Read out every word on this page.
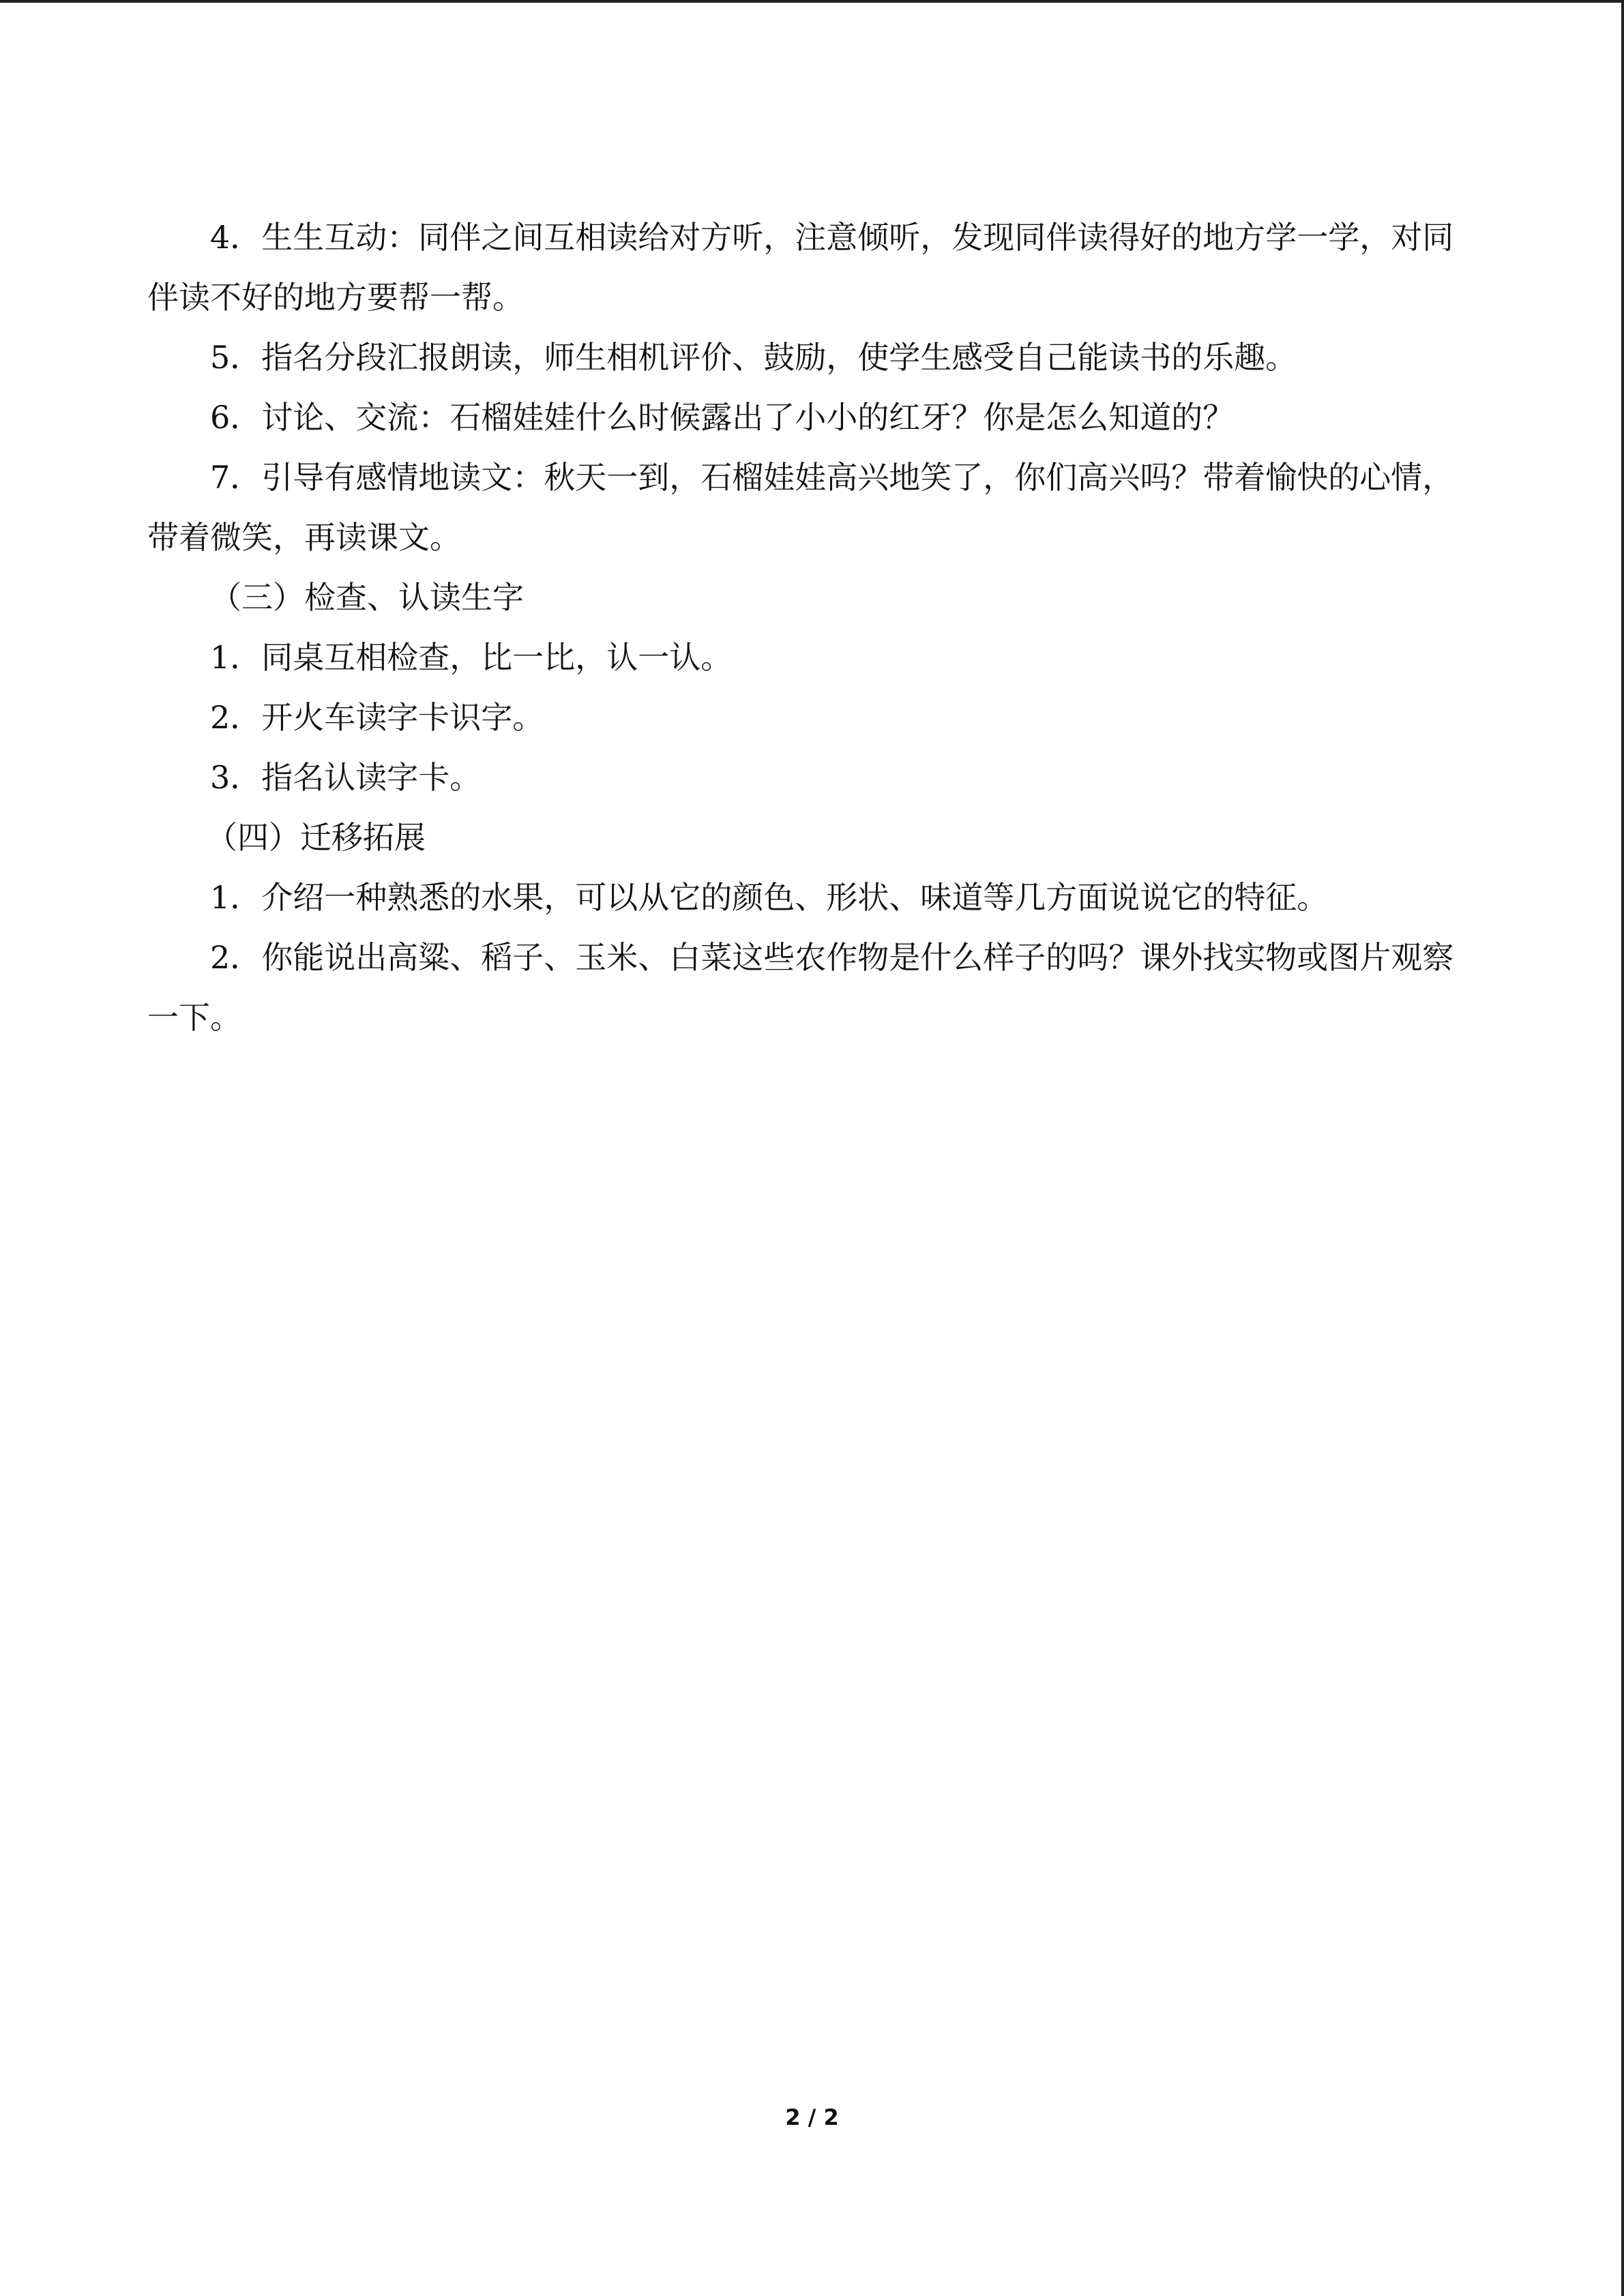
4．生生互动：同伴之间互相读给对方听，注意倾听，发现同伴读得好的地方学一学，对同伴读不好的地方要帮一帮。

5．指名分段汇报朗读，师生相机评价、鼓励，使学生感受自己能读书的乐趣。

6．讨论、交流：石榴娃娃什么时候露出了小小的红牙？你是怎么知道的？

7．引导有感情地读文：秋天一到，石榴娃娃高兴地笑了，你们高兴吗？带着愉快的心情，带着微笑，再读课文。

（三）检查、认读生字

1．同桌互相检查，比一比，认一认。

2．开火车读字卡识字。

3．指名认读字卡。

（四）迁移拓展

1．介绍一种熟悉的水果，可以从它的颜色、形状、味道等几方面说说它的特征。

2．你能说出高粱、稻子、玉米、白菜这些农作物是什么样子的吗？课外找实物或图片观察一下。

2 / 2
